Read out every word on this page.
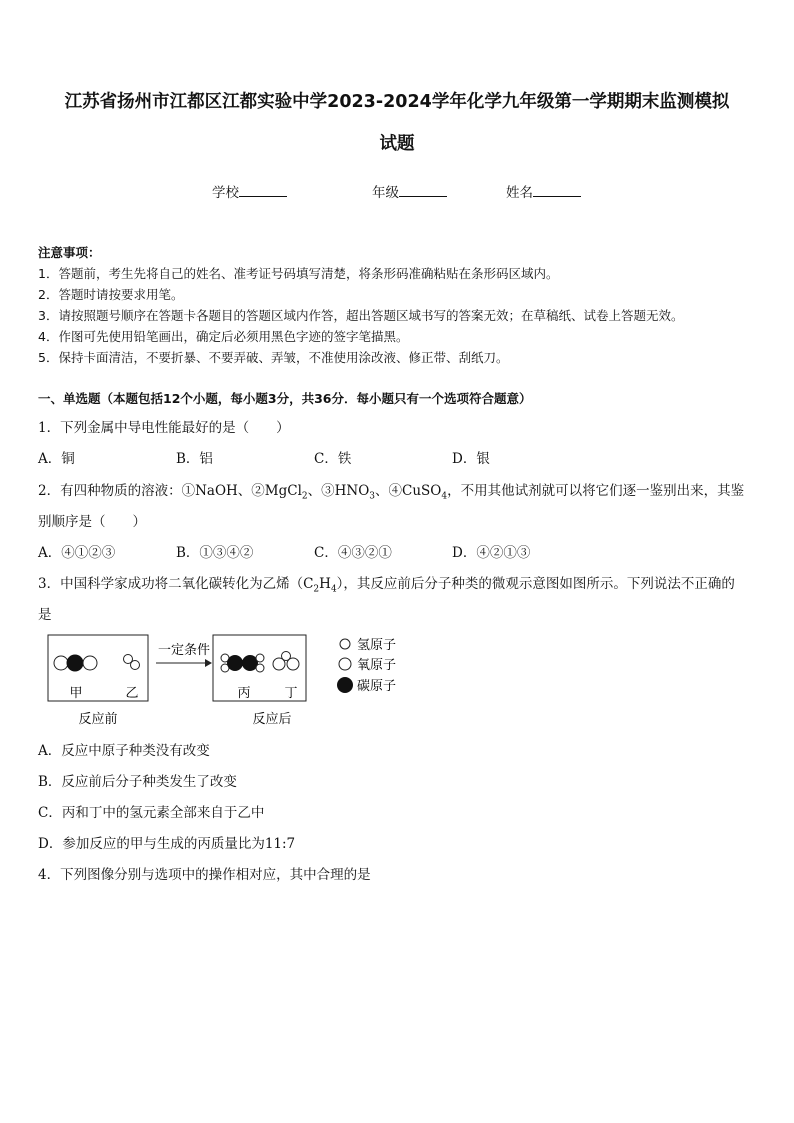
江苏省扬州市江都区江都实验中学2023-2024学年化学九年级第一学期期末监测模拟
试题
学校	年级	姓名
注意事项：
1．答题前，考生先将自己的姓名、准考证号码填写清楚，将条形码准确粘贴在条形码区域内。
2．答题时请按要求用笔。
3．请按照题号顺序在答题卡各题目的答题区域内作答，超出答题区域书写的答案无效；在草稿纸、试卷上答题无效。
4．作图可先使用铅笔画出，确定后必须用黑色字迹的签字笔描黑。
5．保持卡面清洁，不要折暴、不要弄破、弄皱，不准使用涂改液、修正带、刮纸刀。
一、单选题（本题包括12个小题，每小题3分，共36分．每小题只有一个选项符合题意）
1．下列金属中导电性能最好的是（　　）
A．铜	B．铝	C．铁	D．银
2．有四种物质的溶液：①NaOH、②MgCl$_2$、$③HNO_3$、④CuSO$_4$，不用其他试剂就可以将它们逐一鉴别出来，其鉴
别顺序是（　　）
A．④①②③	B．①③④②	C．④③②①	D．④②①③
3．中国科学家成功将二氧化碳转化为乙烯$(C_2H_4)$，其反应前后分子种类的微观示意图如图所示。下列说法不正确的
是
甲	乙
反应前
一定条件
丙	丁
反应后
氢原子
氧原子
碳原子
A．反应中原子种类没有改变
B．反应前后分子种类发生了改变
C．丙和丁中的氢元素全部来自于乙中
D．参加反应的甲与生成的丙质量比为11:7
4．下列图像分别与选项中的操作相对应，其中合理的是
